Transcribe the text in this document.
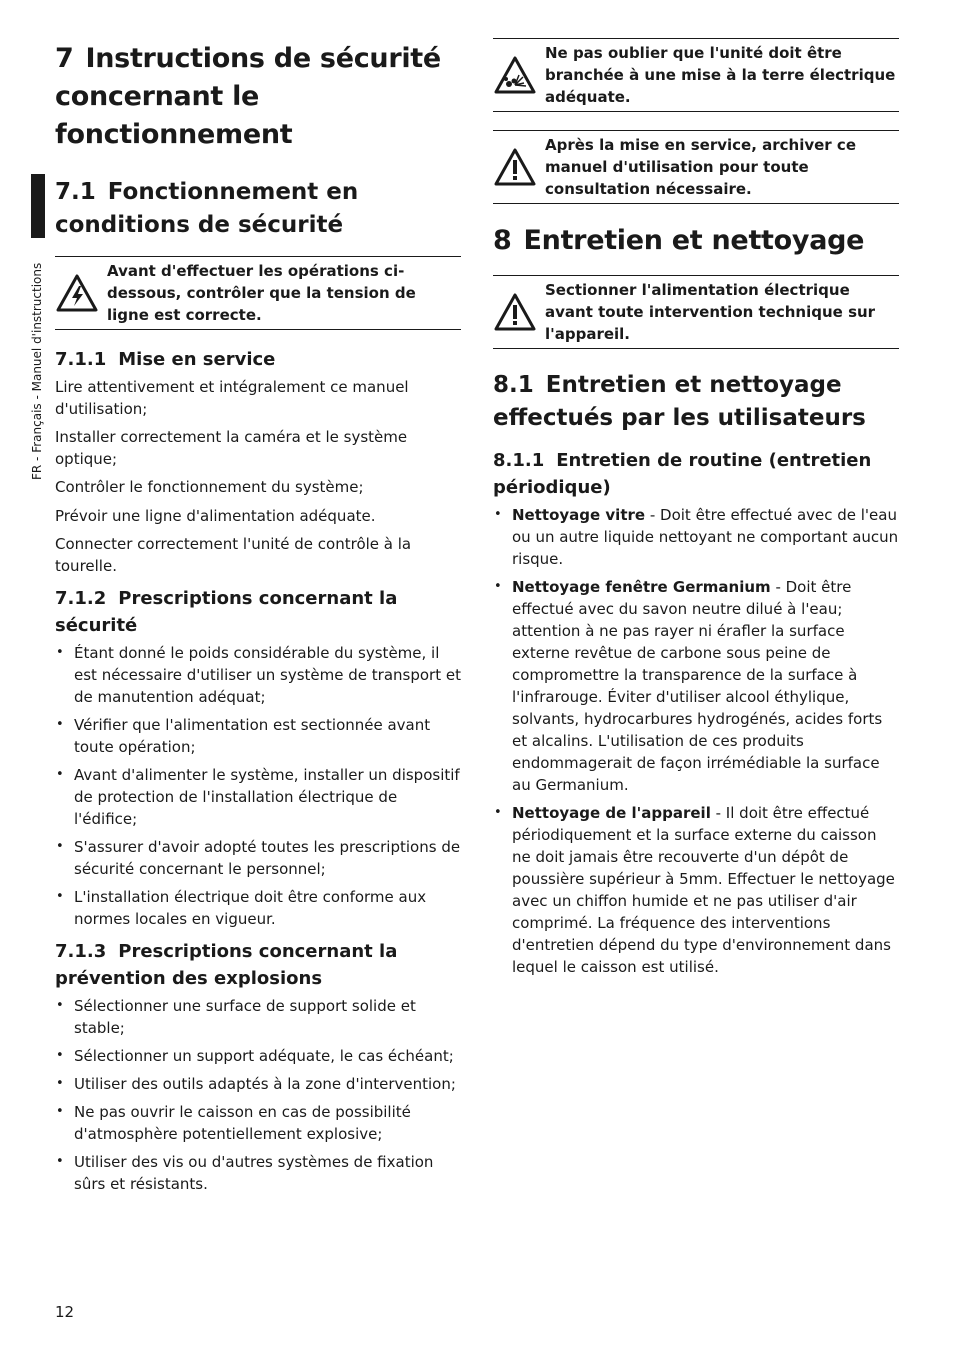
FR - Français - Manuel d'instructions
7 Instructions de sécurité concernant le fonctionnement
7.1 Fonctionnement en conditions de sécurité
Avant d'effectuer les opérations ci-dessous, contrôler que la tension de ligne est correcte.
7.1.1 Mise en service

Lire attentivement et intégralement ce manuel d'utilisation;

Installer correctement la caméra et le système optique;

Contrôler le fonctionnement du système;

Prévoir une ligne d'alimentation adéquate.

Connecter correctement l'unité de contrôle à la tourelle.

7.1.2 Prescriptions concernant la sécurité
• Étant donné le poids considérable du système, il est nécessaire d'utiliser un système de transport et de manutention adéquat;
• Vérifier que l'alimentation est sectionnée avant toute opération;
• Avant d'alimenter le système, installer un dispositif de protection de l'installation électrique de l'édifice;
• S'assurer d'avoir adopté toutes les prescriptions de sécurité concernant le personnel;
• L'installation électrique doit être conforme aux normes locales en vigueur.
7.1.3 Prescriptions concernant la prévention des explosions
• Sélectionner une surface de support solide et stable;
• Sélectionner un support adéquate, le cas échéant;
• Utiliser des outils adaptés à la zone d'intervention;
• Ne pas ouvrir le caisson en cas de possibilité d'atmosphère potentiellement explosive;
• Utiliser des vis ou d'autres systèmes de fixation sûrs et résistants.
Ne pas oublier que l'unité doit être branchée à une mise à la terre électrique adéquate.
Après la mise en service, archiver ce manuel d'utilisation pour toute consultation nécessaire.
8 Entretien et nettoyage
Sectionner l'alimentation électrique avant toute intervention technique sur l'appareil.
8.1 Entretien et nettoyage effectués par les utilisateurs
8.1.1 Entretien de routine (entretien périodique)
• Nettoyage vitre - Doit être effectué avec de l'eau ou un autre liquide nettoyant ne comportant aucun risque.
• Nettoyage fenêtre Germanium - Doit être effectué avec du savon neutre dilué à l'eau; attention à ne pas rayer ni érafler la surface externe revêtue de carbone sous peine de compromettre la transparence de la surface à l'infrarouge. Éviter d'utiliser alcool éthylique, solvants, hydrocarbures hydrogénés, acides forts et alcalins. L'utilisation de ces produits endommagerait de façon irrémédiable la surface au Germanium.
• Nettoyage de l'appareil - Il doit être effectué périodiquement et la surface externe du caisson ne doit jamais être recouverte d'un dépôt de poussière supérieur à 5mm. Effectuer le nettoyage avec un chiffon humide et ne pas utiliser d'air comprimé. La fréquence des interventions d'entretien dépend du type d'environnement dans lequel le caisson est utilisé.
12
